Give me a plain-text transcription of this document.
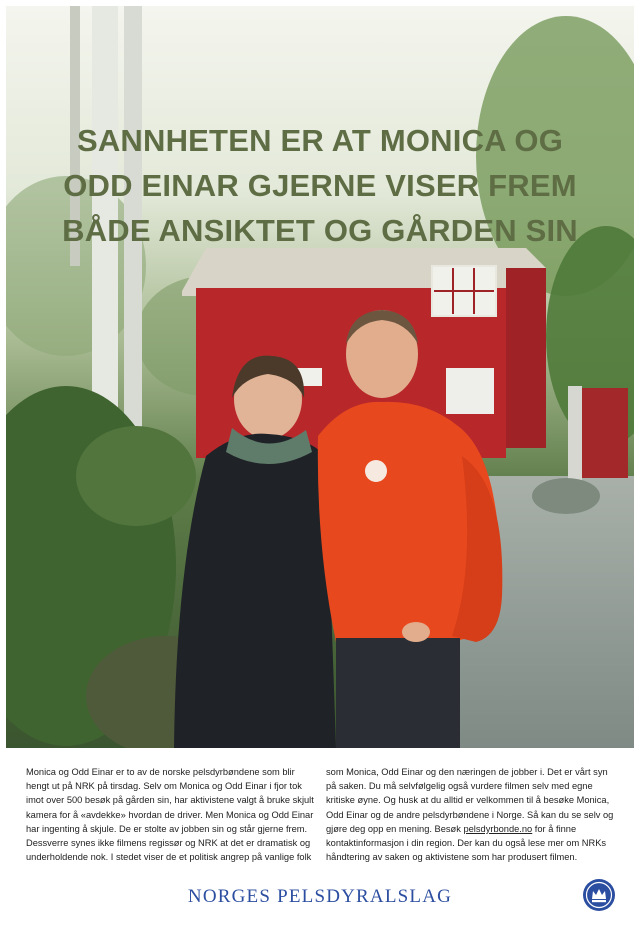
SANNHETEN ER AT MONICA OG
ODD EINAR GJERNE VISER FREM
BÅDE ANSIKTET OG GÅRDEN SIN

Monica og Odd Einar er to av de norske pelsdyrbøndene som blir hengt ut på NRK på tirsdag. Selv om Monica og Odd Einar i fjor tok imot over 500 besøk på gården sin, har aktivistene valgt å bruke skjult kamera for å «avdekke» hvordan de driver. Men Monica og Odd Einar har ingenting å skjule. De er stolte av jobben sin og står gjerne frem. Dessverre synes ikke filmens regissør og NRK at det er dramatisk og underholdende nok. I stedet viser de et politisk angrep på vanlige folk

som Monica, Odd Einar og den næringen de jobber i. Det er vårt syn på saken. Du må selvfølgelig også vurdere filmen selv med egne kritiske øyne. Og husk at du alltid er velkommen til å besøke Monica, Odd Einar og de andre pelsdyrbøndene i Norge. Så kan du se selv og gjøre deg opp en mening. Besøk pelsdyrbonde.no for å finne kontaktinformasjon i din region. Der kan du også lese mer om NRKs håndtering av saken og aktivistene som har produsert filmen.

NORGES PELSDYRALSLAG
